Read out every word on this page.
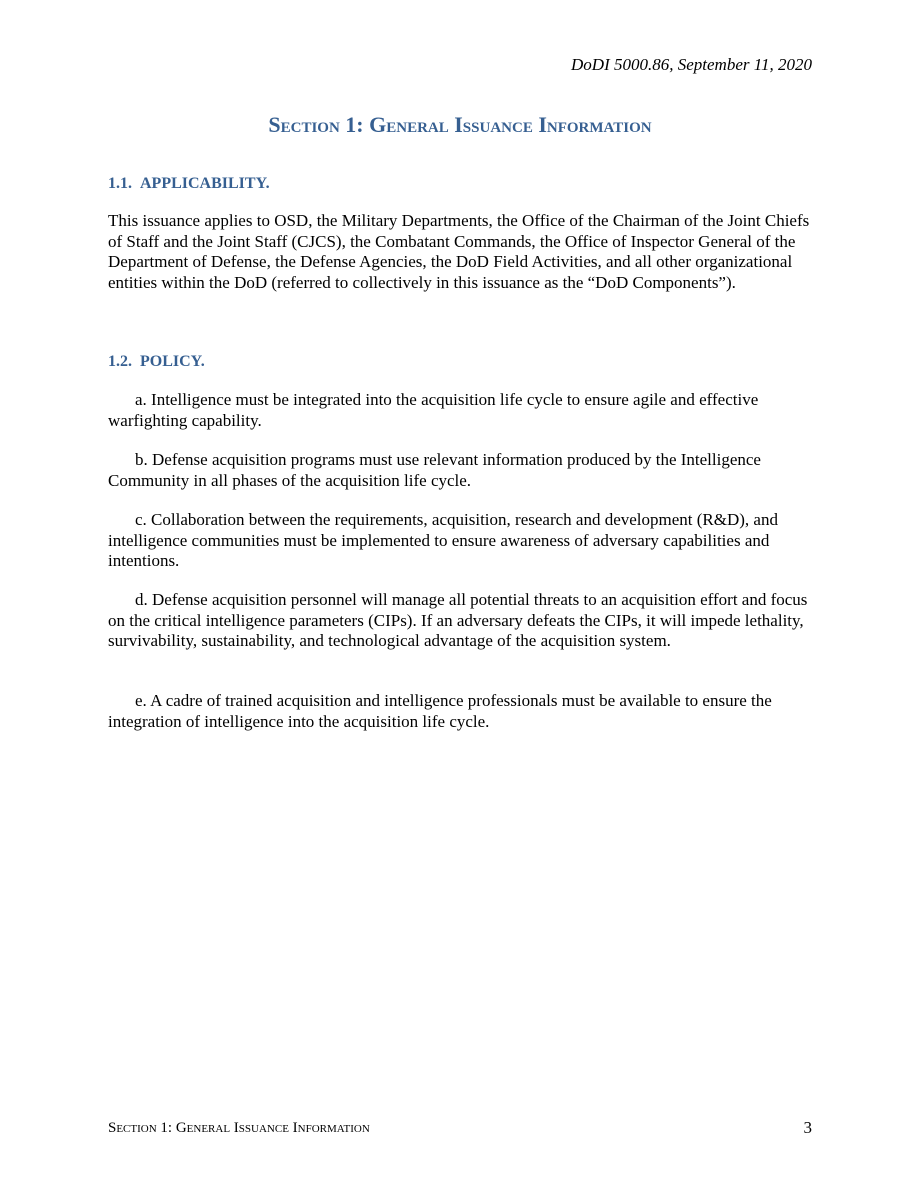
DoDI 5000.86, September 11, 2020
Section 1: General Issuance Information
1.1. APPLICABILITY.

This issuance applies to OSD, the Military Departments, the Office of the Chairman of the Joint Chiefs of Staff and the Joint Staff (CJCS), the Combatant Commands, the Office of Inspector General of the Department of Defense, the Defense Agencies, the DoD Field Activities, and all other organizational entities within the DoD (referred to collectively in this issuance as the “DoD Components”).

1.2. POLICY.

a. Intelligence must be integrated into the acquisition life cycle to ensure agile and effective warfighting capability.

b. Defense acquisition programs must use relevant information produced by the Intelligence Community in all phases of the acquisition life cycle.

c. Collaboration between the requirements, acquisition, research and development (R&D), and intelligence communities must be implemented to ensure awareness of adversary capabilities and intentions.

d. Defense acquisition personnel will manage all potential threats to an acquisition effort and focus on the critical intelligence parameters (CIPs). If an adversary defeats the CIPs, it will impede lethality, survivability, sustainability, and technological advantage of the acquisition system.

e. A cadre of trained acquisition and intelligence professionals must be available to ensure the integration of intelligence into the acquisition life cycle.

Section 1: General Issuance Information	3
